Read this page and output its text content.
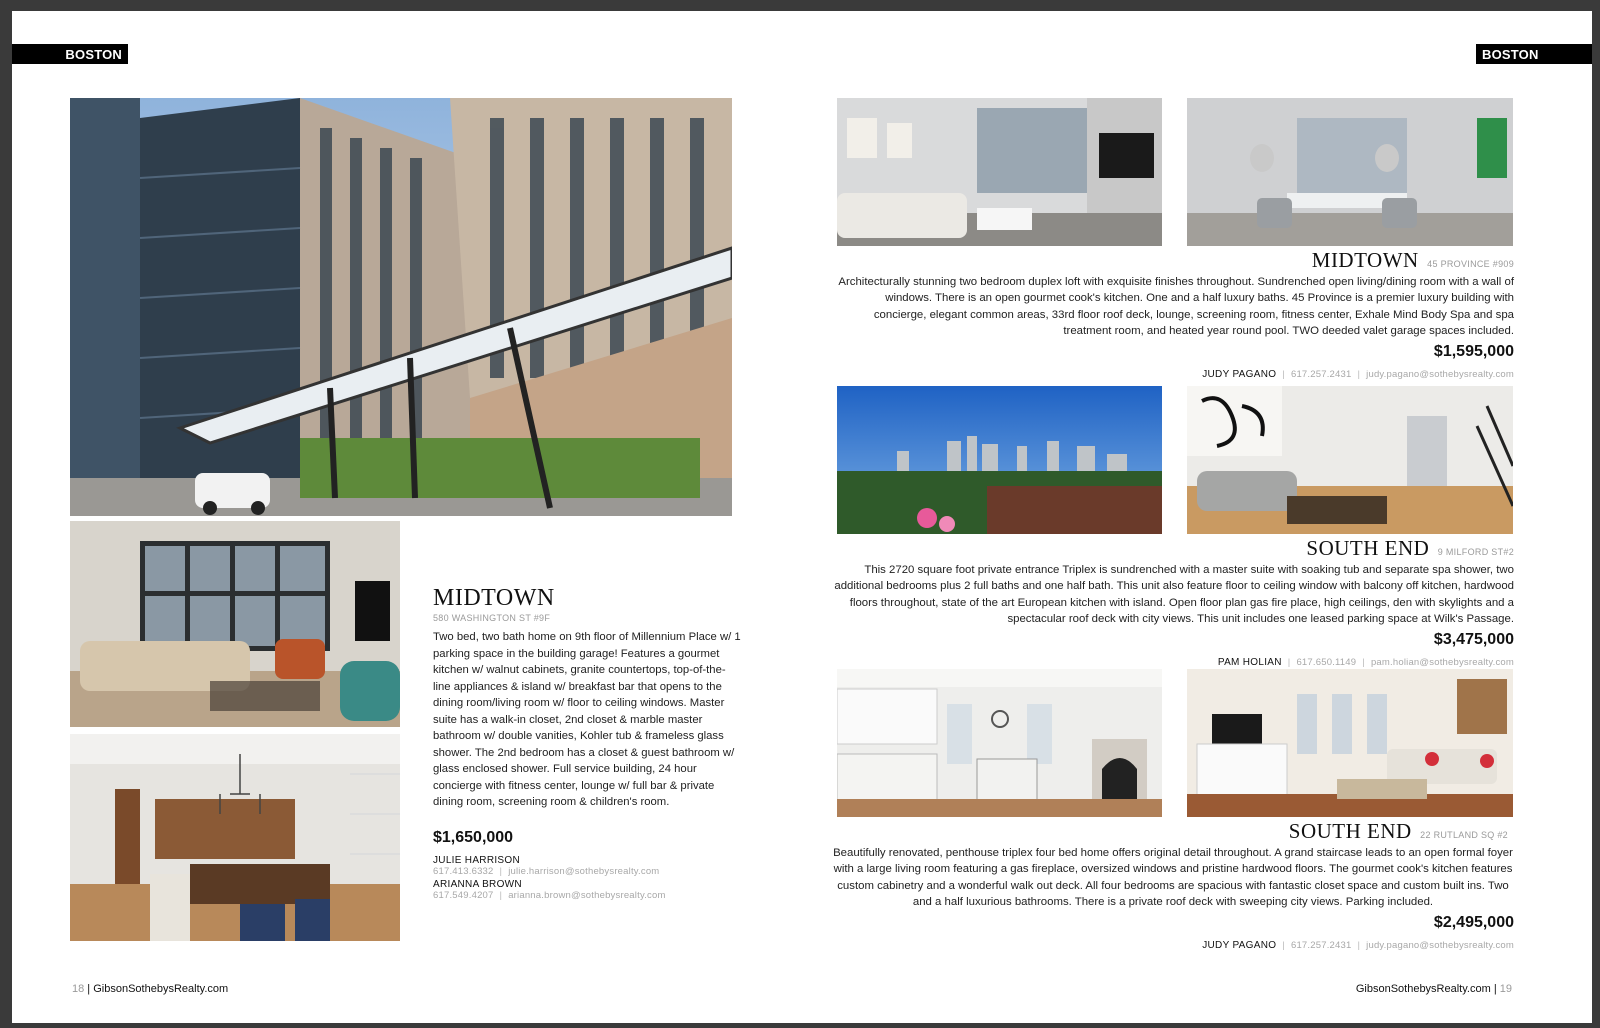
BOSTON
MIDTOWN
580 WASHINGTON ST #9F
Two bed, two bath home on 9th floor of Millennium Place w/ 1 parking space in the building garage! Features a gourmet kitchen w/ walnut cabinets, granite countertops, top-of-the-line appliances & island w/ breakfast bar that opens to the dining room/living room w/ floor to ceiling windows. Master suite has a walk-in closet, 2nd closet & marble master bathroom w/ double vanities, Kohler tub & frameless glass shower. The 2nd bedroom has a closet & guest bathroom w/ glass enclosed shower. Full service building, 24 hour concierge with fitness center, lounge w/ full bar & private dining room, screening room & children's room.
$1,650,000
JULIE HARRISON
617.413.6332 | julie.harrison@sothebysrealty.com
ARIANNA BROWN
617.549.4207 | arianna.brown@sothebysrealty.com
18 | GibsonSothebysRealty.com
BOSTON
MIDTOWN 45 PROVINCE #909
Architecturally stunning two bedroom duplex loft with exquisite finishes throughout. Sundrenched open living/dining room with a wall of windows. There is an open gourmet cook's kitchen. One and a half luxury baths. 45 Province is a premier luxury building with concierge, elegant common areas, 33rd floor roof deck, lounge, screening room, fitness center, Exhale Mind Body Spa and spa treatment room, and heated year round pool. TWO deeded valet garage spaces included.
$1,595,000
JUDY PAGANO | 617.257.2431 | judy.pagano@sothebysrealty.com
SOUTH END 9 MILFORD ST#2
This 2720 square foot private entrance Triplex is sundrenched with a master suite with soaking tub and separate spa shower, two additional bedrooms plus 2 full baths and one half bath. This unit also feature floor to ceiling window with balcony off kitchen, hardwood floors throughout, state of the art European kitchen with island. Open floor plan gas fire place, high ceilings, den with skylights and a spectacular roof deck with city views. This unit includes one leased parking space at Wilk's Passage.
$3,475,000
PAM HOLIAN | 617.650.1149 | pam.holian@sothebysrealty.com
SOUTH END 22 RUTLAND SQ #2
Beautifully renovated, penthouse triplex four bed home offers original detail throughout. A grand staircase leads to an open formal foyer with a large living room featuring a gas fireplace, oversized windows and pristine hardwood floors. The gourmet cook's kitchen features custom cabinetry and a wonderful walk out deck. All four bedrooms are spacious with fantastic closet space and custom built ins. Two and a half luxurious bathrooms. There is a private roof deck with sweeping city views. Parking included.
$2,495,000
JUDY PAGANO | 617.257.2431 | judy.pagano@sothebysrealty.com
GibsonSothebysRealty.com | 19
